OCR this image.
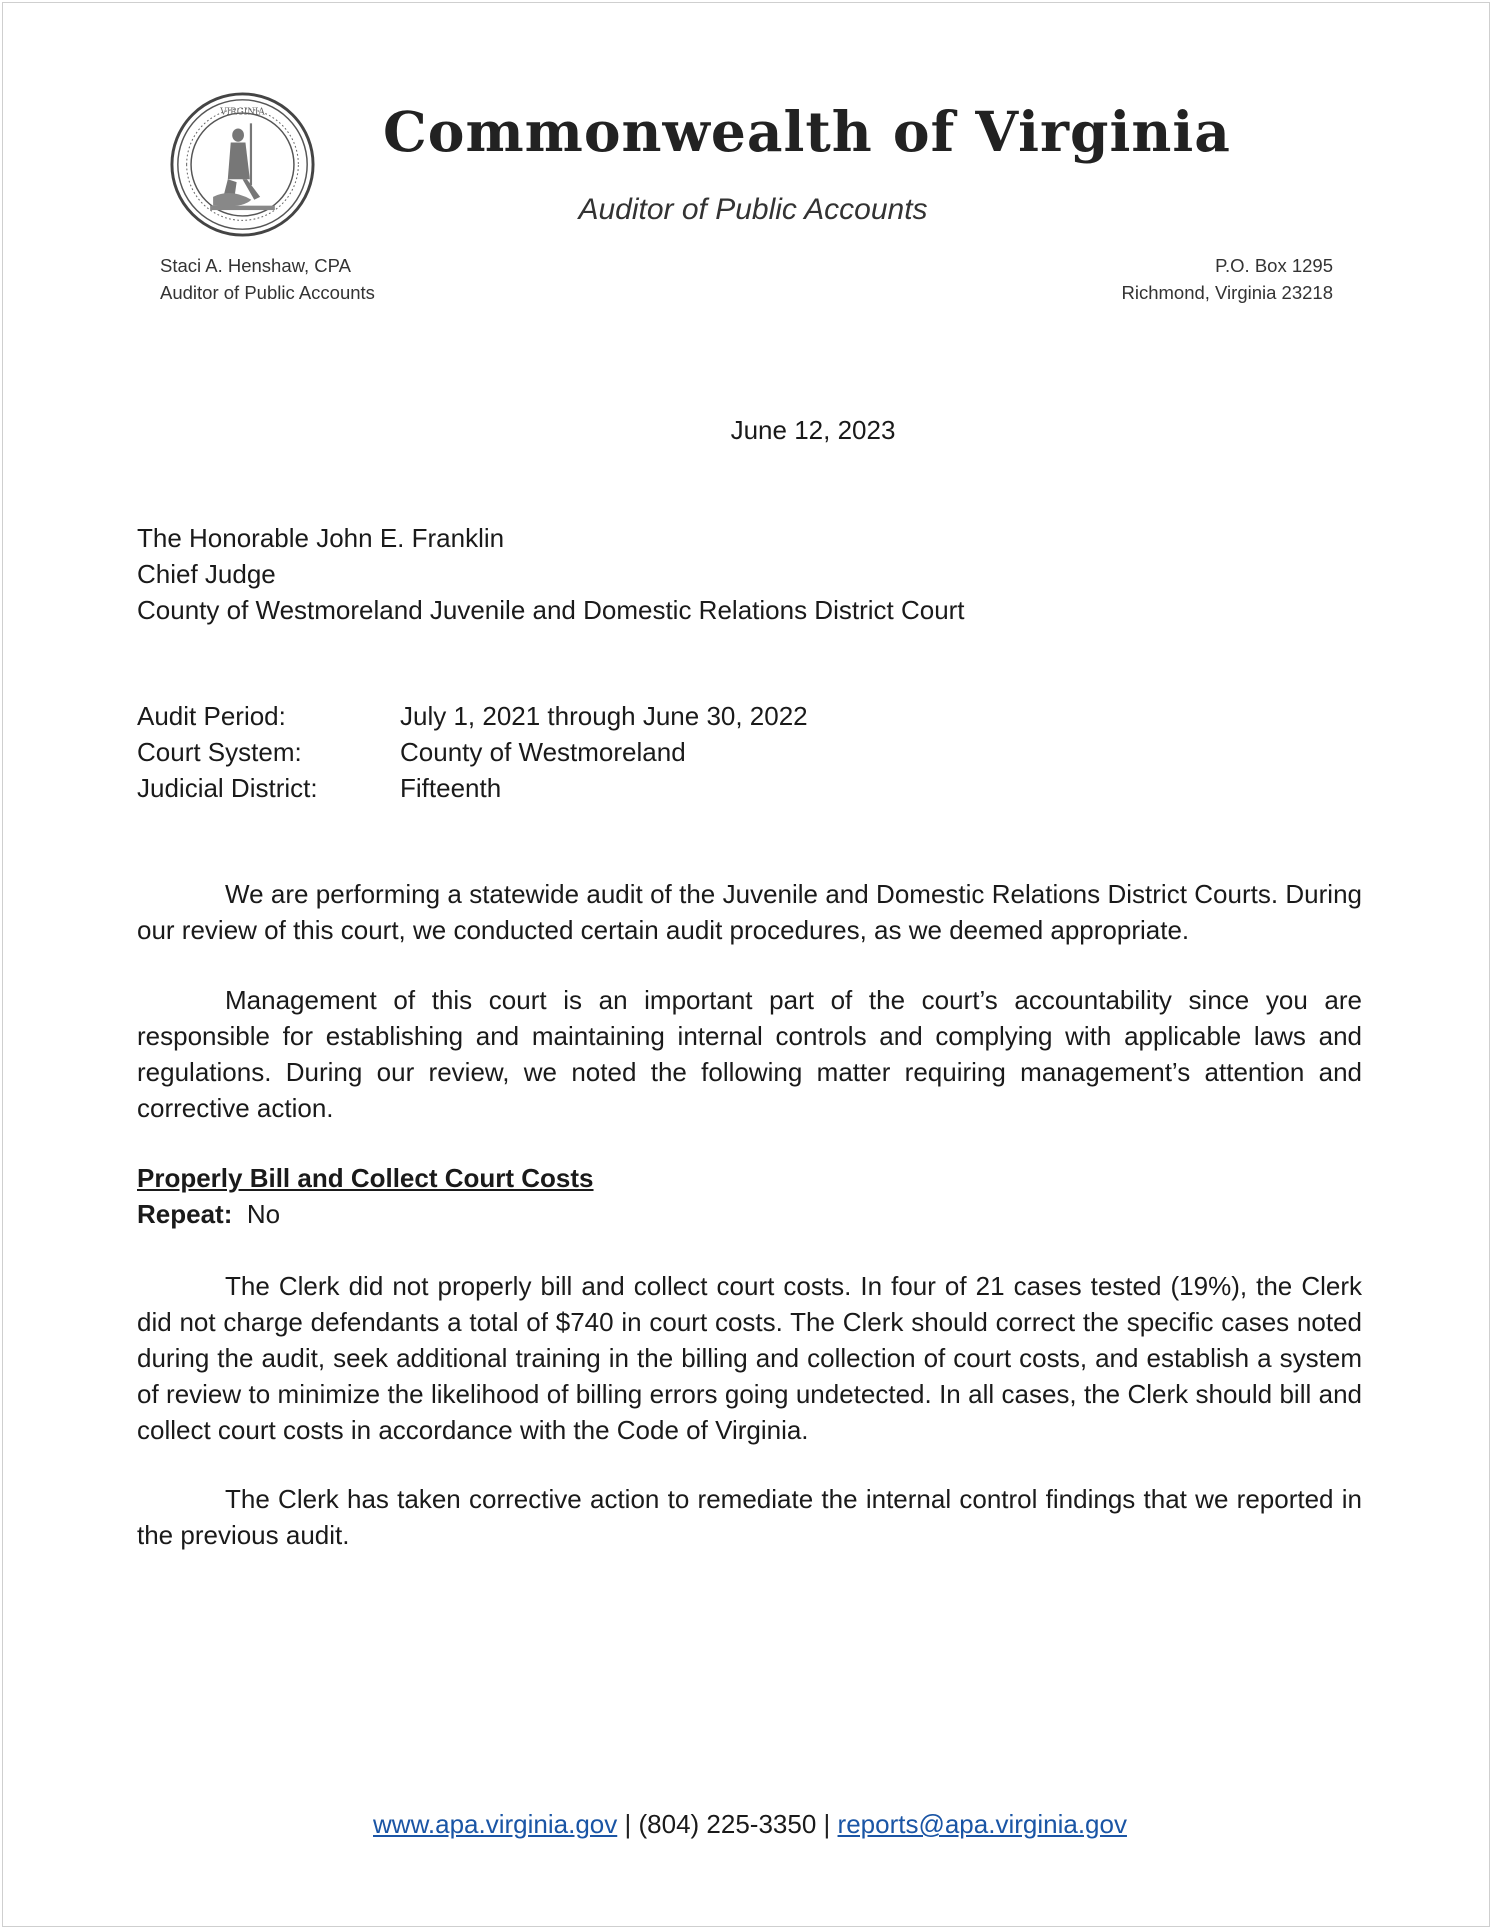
VIRGINIA Commonwealth of Virginia
Auditor of Public Accounts
Staci A. Henshaw, CPA
Auditor of Public Accounts
P.O. Box 1295
Richmond, Virginia 23218
June 12, 2023
The Honorable John E. Franklin
Chief Judge
County of Westmoreland Juvenile and Domestic Relations District Court
Audit Period:	July 1, 2021 through June 30, 2022
Court System:	County of Westmoreland
Judicial District:	Fifteenth

We are performing a statewide audit of the Juvenile and Domestic Relations District Courts. During our review of this court, we conducted certain audit procedures, as we deemed appropriate.

Management of this court is an important part of the court’s accountability since you are responsible for establishing and maintaining internal controls and complying with applicable laws and regulations. During our review, we noted the following matter requiring management’s attention and corrective action.

Properly Bill and Collect Court Costs
Repeat: No

The Clerk did not properly bill and collect court costs. In four of 21 cases tested (19%), the Clerk did not charge defendants a total of $740 in court costs. The Clerk should correct the specific cases noted during the audit, seek additional training in the billing and collection of court costs, and establish a system of review to minimize the likelihood of billing errors going undetected. In all cases, the Clerk should bill and collect court costs in accordance with the Code of Virginia.

The Clerk has taken corrective action to remediate the internal control findings that we reported in the previous audit.

www.apa.virginia.gov | (804) 225-3350 | reports@apa.virginia.gov
